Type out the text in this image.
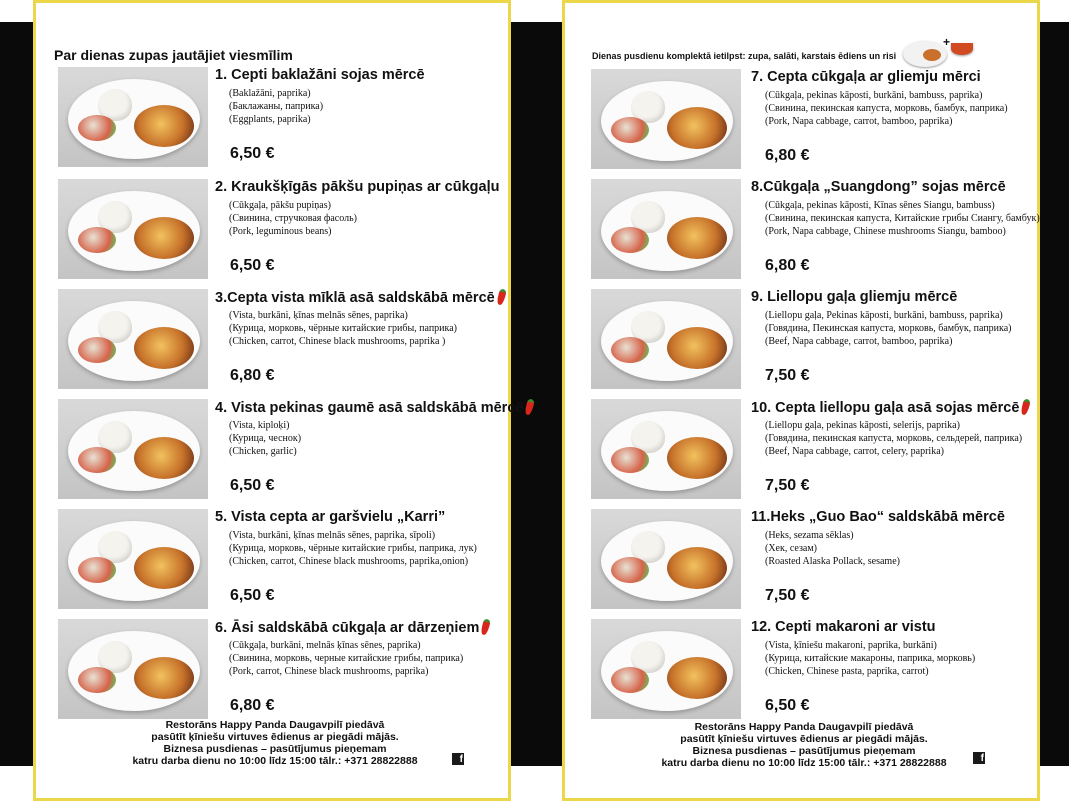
Par dienas zupas jautājiet viesmīlim
1. Cepti baklažāni sojas mērcē
(Baklažāni, paprika)
(Баклажаны, паприка)
(Eggplants, paprika)
6,50 €
2. Kraukšķīgās pākšu pupiņas ar cūkgaļu
(Cūkgaļa, pākšu pupiņas)
(Свинина, стручковая фасоль)
(Pork, leguminous beans)
6,50 €
3.Cepta vista mīklā asā saldskābā mērcē
(Vista, burkāni, ķīnas melnās sēnes, paprika)
(Курица, морковь, чёрные китайские грибы, паприка)
(Chicken, carrot, Chinese black mushrooms, paprika )
6,80 €
4. Vista pekinas gaumē asā saldskābā mērcē
(Vista, kiploķi)
(Курица, чеснок)
(Chicken, garlic)
6,50 €
5. Vista cepta ar garšvielu „Karri”
(Vista, burkāni, ķīnas melnās sēnes, paprika, sīpoli)
(Курица, морковь, чёрные китайские грибы, паприка, лук)
(Chicken, carrot, Chinese black mushrooms, paprika,onion)
6,50 €
6. Āsi saldskābā cūkgaļa ar dārzeņiem
(Cūkgaļa, burkāni, melnās ķīnas sēnes, paprika)
(Свинина, морковь, черные китайские грибы, паприка)
(Pork, carrot, Chinese black mushrooms, paprika)
6,80 €
Restorāns Happy Panda Daugavpilī piedāvā
pasūtīt ķīniešu virtuves ēdienus ar piegādi mājās.
Biznesa pusdienas – pasūtījumus pieņemam
katru darba dienu no 10:00 līdz 15:00 tālr.: +371 28822888	f
Dienas pusdienu komplektā ietilpst: zupa, salāti, karstais ēdiens un risi
+
7. Cepta cūkgaļa ar gliemju mērci
(Cūkgaļa, pekinas kāposti, burkāni, bambuss, paprika)
(Свинина, пекинская капуста, морковь, бамбук, паприка)
(Pork, Napa cabbage, carrot, bamboo, paprika)
6,80 €
8.Cūkgaļa „Suangdong” sojas mērcē
(Cūkgaļa, pekinas kāposti, Kīnas sēnes Siangu, bambuss)
(Свинина, пекинская капуста, Китайские грибы Сиангу, бамбук)
(Pork, Napa cabbage, Chinese mushrooms Siangu, bamboo)
6,80 €
9. Liellopu gaļa gliemju mērcē
(Liellopu gaļa, Pekinas kāposti, burkāni, bambuss, paprika)
(Говядина, Пекинская капуста, морковь, бамбук, паприка)
(Beef, Napa cabbage, carrot, bamboo, paprika)
7,50 €
10. Cepta liellopu gaļa asā sojas mērcē
(Liellopu gaļa, pekinas kāposti, selerijs, paprika)
(Говядина, пекинская капуста, морковь, сельдерей, паприка)
(Beef, Napa cabbage, carrot, celery, paprika)
7,50 €
11.Heks „Guo Bao“ saldskābā mērcē
(Heks, sezama sēklas)
(Хек, сезам)
(Roasted Alaska Pollack, sesame)
7,50 €
12. Cepti makaroni ar vistu
(Vista, ķīniešu makaroni, paprika, burkāni)
(Курица, китайские макароны, паприка, морковь)
(Chicken, Chinese pasta, paprika, carrot)
6,50 €
Restorāns Happy Panda Daugavpilī piedāvā
pasūtīt ķīniešu virtuves ēdienus ar piegādi mājās.
Biznesa pusdienas – pasūtījumus pieņemam
katru darba dienu no 10:00 līdz 15:00 tālr.: +371 28822888	f
